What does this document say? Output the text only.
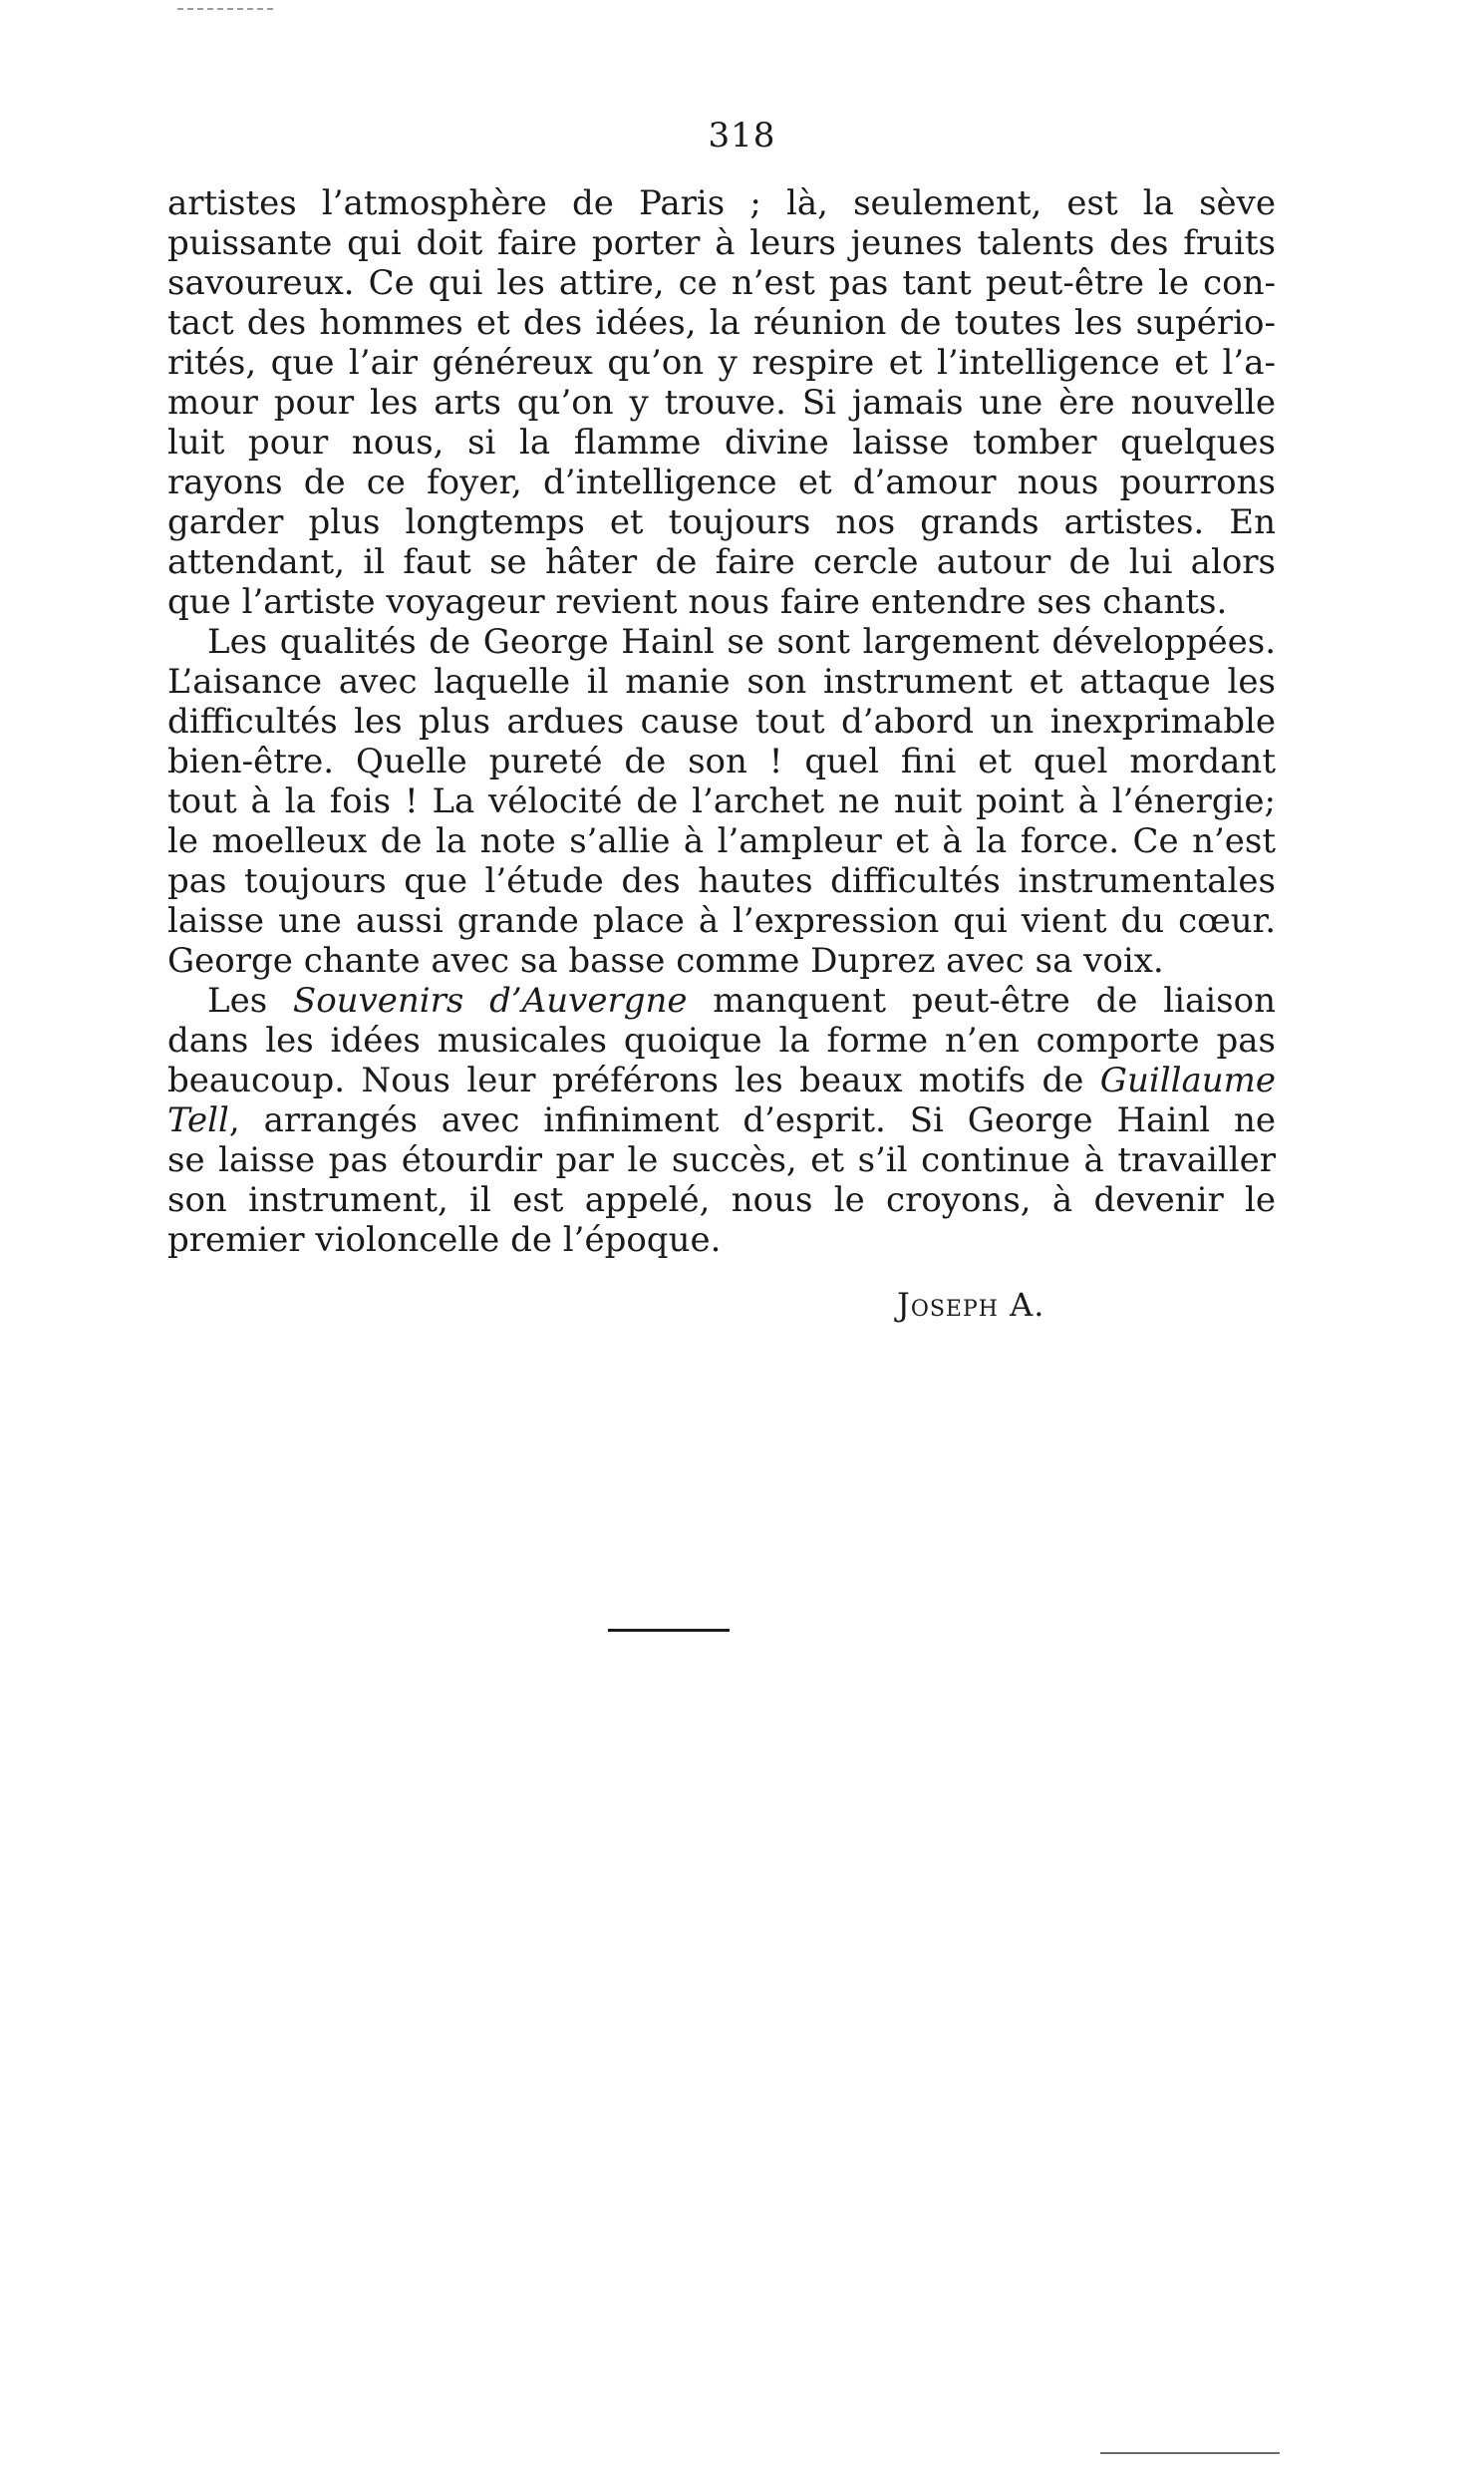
318
artistes l’atmosphère de Paris ; là, seulement, est la sève
puissante qui doit faire porter à leurs jeunes talents des fruits
savoureux. Ce qui les attire, ce n’est pas tant peut-être le con-
tact des hommes et des idées, la réunion de toutes les supério-
rités, que l’air généreux qu’on y respire et l’intelligence et l’a-
mour pour les arts qu’on y trouve. Si jamais une ère nouvelle
luit pour nous, si la flamme divine laisse tomber quelques
rayons de ce foyer, d’intelligence et d’amour nous pourrons
garder plus longtemps et toujours nos grands artistes. En
attendant, il faut se hâter de faire cercle autour de lui alors
que l’artiste voyageur revient nous faire entendre ses chants.
Les qualités de George Hainl se sont largement développées.
L’aisance avec laquelle il manie son instrument et attaque les
difficultés les plus ardues cause tout d’abord un inexprimable
bien-être. Quelle pureté de son ! quel fini et quel mordant
tout à la fois ! La vélocité de l’archet ne nuit point à l’énergie;
le moelleux de la note s’allie à l’ampleur et à la force. Ce n’est
pas toujours que l’étude des hautes difficultés instrumentales
laisse une aussi grande place à l’expression qui vient du cœur.
George chante avec sa basse comme Duprez avec sa voix.
Les Souvenirs d’Auvergne manquent peut-être de liaison
dans les idées musicales quoique la forme n’en comporte pas
beaucoup. Nous leur préférons les beaux motifs de Guillaume
Tell, arrangés avec infiniment d’esprit. Si George Hainl ne
se laisse pas étourdir par le succès, et s’il continue à travailler
son instrument, il est appelé, nous le croyons, à devenir le
premier violoncelle de l’époque.
Joseph A.
